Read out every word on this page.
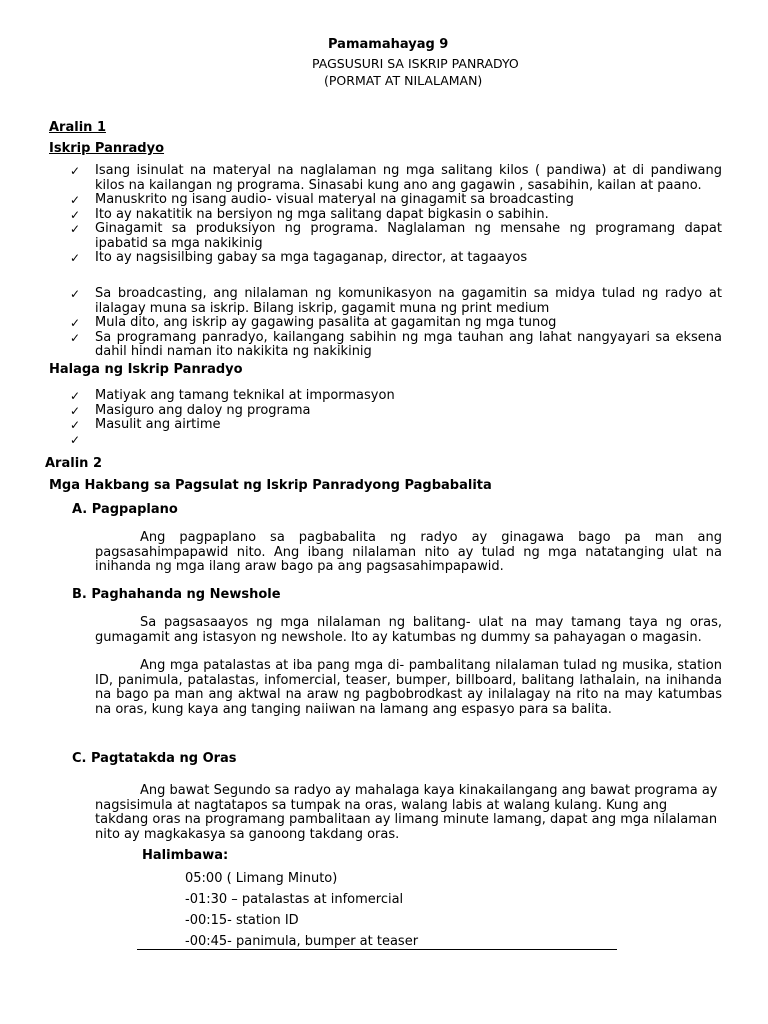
Pamamahayag 9
PAGSUSURI SA ISKRIP PANRADYO
(PORMAT AT NILALAMAN)
Aralin 1
Iskrip Panradyo
✓ Isang isinulat na materyal na naglalaman ng mga salitang kilos ( pandiwa) at di pandiwang kilos na kailangan ng programa. Sinasabi kung ano ang gagawin , sasabihin, kailan at paano.
✓ Manuskrito ng isang audio- visual materyal na ginagamit sa broadcasting
✓ Ito ay nakatitik na bersiyon ng mga salitang dapat bigkasin o sabihin.
✓ Ginagamit sa produksiyon ng programa. Naglalaman ng mensahe ng programang dapat ipabatid sa mga nakikinig
✓ Ito ay nagsisilbing gabay sa mga tagaganap, director, at tagaayos
✓ Sa broadcasting, ang nilalaman ng komunikasyon na gagamitin sa midya tulad ng radyo at ilalagay muna sa iskrip. Bilang iskrip, gagamit muna ng print medium
✓ Mula dito, ang iskrip ay gagawing pasalita at gagamitan ng mga tunog
✓ Sa programang panradyo, kailangang sabihin ng mga tauhan ang lahat nangyayari sa eksena dahil hindi naman ito nakikita ng nakikinig
Halaga ng Iskrip Panradyo
✓ Matiyak ang tamang teknikal at impormasyon
✓ Masiguro ang daloy ng programa
✓ Masulit ang airtime
✓
Aralin 2
Mga Hakbang sa Pagsulat ng Iskrip Panradyong Pagbabalita
A. Pagpaplano
Ang pagpaplano sa pagbabalita ng radyo ay ginagawa bago pa man ang pagsasahimpapawid nito. Ang ibang nilalaman nito ay tulad ng mga natatanging ulat na inihanda ng mga ilang araw bago pa ang pagsasahimpapawid.
B. Paghahanda ng Newshole
Sa pagsasaayos ng mga nilalaman ng balitang- ulat na may tamang taya ng oras, gumagamit ang istasyon ng newshole. Ito ay katumbas ng dummy sa pahayagan o magasin.
Ang mga patalastas at iba pang mga di- pambalitang nilalaman tulad ng musika, station ID, panimula, patalastas, infomercial, teaser, bumper, billboard, balitang lathalain, na inihanda na bago pa man ang aktwal na araw ng pagbobrodkast ay inilalagay na rito na may katumbas na oras, kung kaya ang tanging naiiwan na lamang ang espasyo para sa balita.
C. Pagtatakda ng Oras
Ang bawat Segundo sa radyo ay mahalaga kaya kinakailangang ang bawat programa ay nagsisimula at nagtatapos sa tumpak na oras, walang labis at walang kulang. Kung ang takdang oras na programang pambalitaan ay limang minute lamang, dapat ang mga nilalaman nito ay magkakasya sa ganoong takdang oras.
Halimbawa:
05:00 ( Limang Minuto)
-01:30 – patalastas at infomercial
-00:15- station ID
-00:45- panimula, bumper at teaser
